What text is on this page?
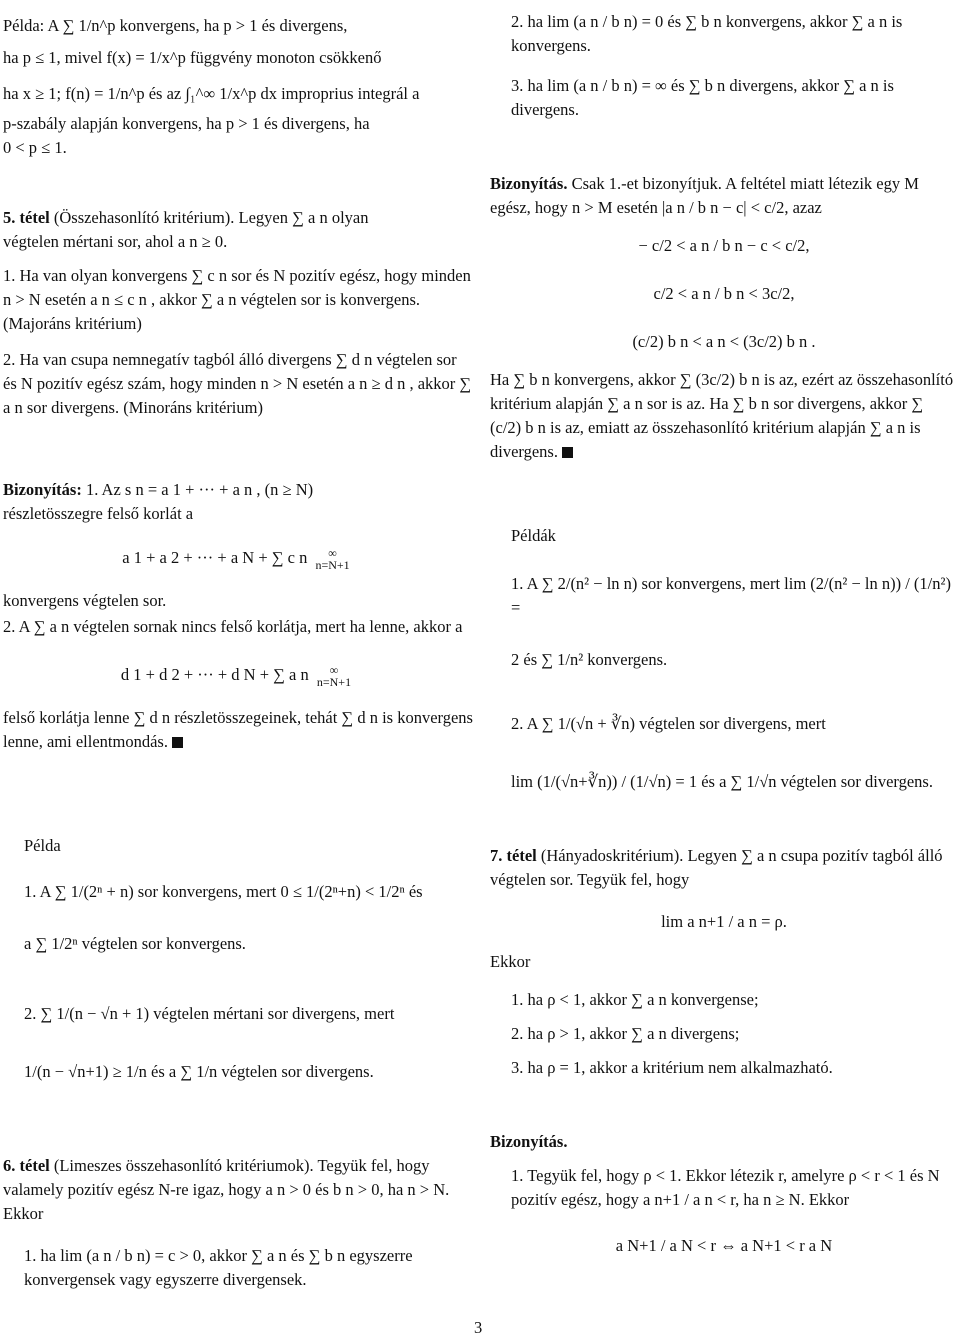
Példa: A ∑ 1/n^p konvergens, ha p > 1 és divergens,
ha p ≤ 1, mivel f(x) = 1/x^p függvény monoton csökkenő
ha x ≥ 1; f(n) = 1/n^p és az ∫₁^∞ 1/x^p dx improprius integrál a
p-szabály alapján konvergens, ha p > 1 és divergens, ha
0 < p ≤ 1.
5. tétel (Összehasonlító kritérium). Legyen ∑ a n olyan
végtelen mértani sor, ahol a n ≥ 0.
1. Ha van olyan konvergens ∑ c n sor és N pozitív egész, hogy minden n > N esetén a n ≤ c n , akkor ∑ a n végtelen sor is konvergens. (Majoráns kritérium)
2. Ha van csupa nemnegatív tagból álló divergens ∑ d n végtelen sor és N pozitív egész szám, hogy minden n > N esetén a n ≥ d n , akkor ∑ a n sor divergens. (Minoráns kritérium)
Bizonyítás: 1. Az s n = a 1 + ··· + a n , (n ≥ N)
részletösszegre felső korlát a
a 1 + a 2 + ··· + a N + ∑ c n	∞
n=N+1
konvergens végtelen sor.
2. A ∑ a n végtelen sornak nincs felső korlátja, mert ha lenne, akkor a
d 1 + d 2 + ··· + d N + ∑ a n	∞
n=N+1
felső korlátja lenne ∑ d n részletösszegeinek, tehát ∑ d n is konvergens lenne, ami ellentmondás.
Példa
1. A ∑ 1/(2ⁿ + n) sor konvergens, mert 0 ≤ 1/(2ⁿ+n) < 1/2ⁿ és
a ∑ 1/2ⁿ végtelen sor konvergens.
2. ∑ 1/(n − √n + 1) végtelen mértani sor divergens, mert
1/(n − √n+1) ≥ 1/n és a ∑ 1/n végtelen sor divergens.
6. tétel (Limeszes összehasonlító kritériumok). Tegyük fel, hogy valamely pozitív egész N-re igaz, hogy a n > 0 és b n > 0, ha n > N. Ekkor
1. ha lim (a n / b n) = c > 0, akkor ∑ a n és ∑ b n egyszerre konvergensek vagy egyszerre divergensek.
2. ha lim (a n / b n) = 0 és ∑ b n konvergens, akkor ∑ a n is
konvergens.
3. ha lim (a n / b n) = ∞ és ∑ b n divergens, akkor ∑ a n is
divergens.
Bizonyítás. Csak 1.-et bizonyítjuk. A feltétel miatt létezik egy M egész, hogy n > M esetén |a n / b n − c| < c/2, azaz
− c/2 < a n / b n − c < c/2,
c/2 < a n / b n < 3c/2,
(c/2) b n < a n < (3c/2) b n .
Ha ∑ b n konvergens, akkor ∑ (3c/2) b n is az, ezért az összehasonlító kritérium alapján ∑ a n sor is az. Ha ∑ b n sor divergens, akkor ∑ (c/2) b n is az, emiatt az összehasonlító kritérium alapján ∑ a n is divergens.
Példák
1. A ∑ 2/(n² − ln n) sor konvergens, mert lim (2/(n² − ln n)) / (1/n²) =
2 és ∑ 1/n² konvergens.
2. A ∑ 1/(√n + ∛n) végtelen sor divergens, mert
lim (1/(√n+∛n)) / (1/√n) = 1 és a ∑ 1/√n végtelen sor divergens.
7. tétel (Hányadoskritérium). Legyen ∑ a n csupa pozitív tagból álló végtelen sor. Tegyük fel, hogy
lim a n+1 / a n = ρ.
Ekkor
1. ha ρ < 1, akkor ∑ a n konvergense;
2. ha ρ > 1, akkor ∑ a n divergens;
3. ha ρ = 1, akkor a kritérium nem alkalmazható.
Bizonyítás.
1. Tegyük fel, hogy ρ < 1. Ekkor létezik r, amelyre ρ < r < 1 és N pozitív egész, hogy a n+1 / a n < r, ha n ≥ N. Ekkor
a N+1 / a N < r ⇔ a N+1 < r a N
3
